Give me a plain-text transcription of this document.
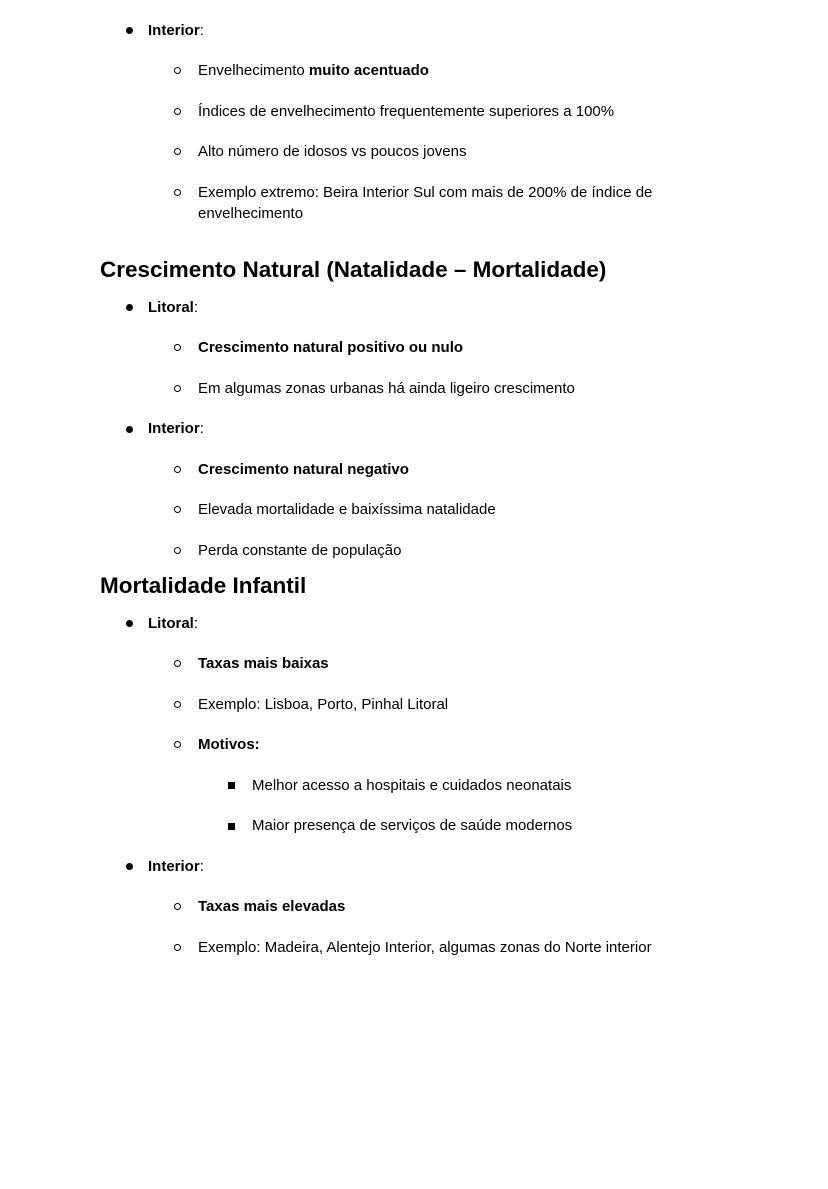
Interior:

Envelhecimento muito acentuado

Índices de envelhecimento frequentemente superiores a 100%

Alto número de idosos vs poucos jovens

Exemplo extremo: Beira Interior Sul com mais de 200% de índice de envelhecimento

Crescimento Natural (Natalidade – Mortalidade)

Litoral:

Crescimento natural positivo ou nulo

Em algumas zonas urbanas há ainda ligeiro crescimento

Interior:

Crescimento natural negativo

Elevada mortalidade e baixíssima natalidade

Perda constante de população

Mortalidade Infantil

Litoral:

Taxas mais baixas

Exemplo: Lisboa, Porto, Pinhal Litoral

Motivos:

Melhor acesso a hospitais e cuidados neonatais

Maior presença de serviços de saúde modernos

Interior:

Taxas mais elevadas

Exemplo: Madeira, Alentejo Interior, algumas zonas do Norte interior
